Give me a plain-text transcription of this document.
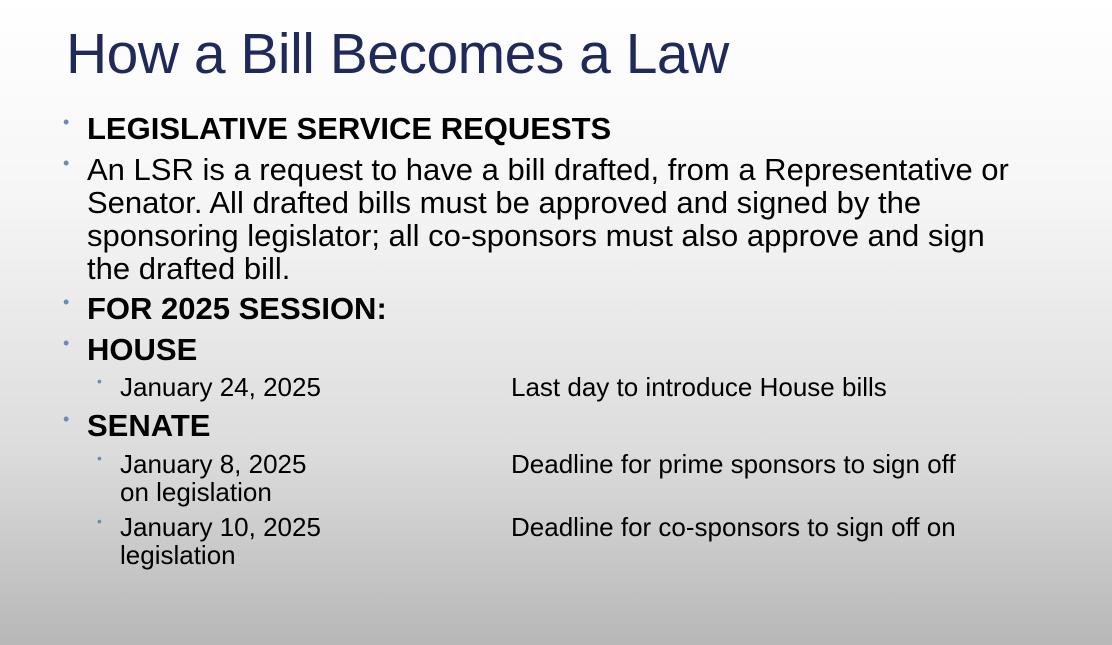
How a Bill Becomes a Law
• LEGISLATIVE SERVICE REQUESTS
• An LSR is a request to have a bill drafted, from a Representative or Senator. All drafted bills must be approved and signed by the sponsoring legislator; all co-sponsors must also approve and sign the drafted bill.
• FOR 2025 SESSION:
• HOUSE
• January 24, 2025	Last day to introduce House bills
• SENATE
• January 8, 2025	Deadline for prime sponsors to sign off
on legislation
• January 10, 2025	Deadline for co-sponsors to sign off on
legislation
